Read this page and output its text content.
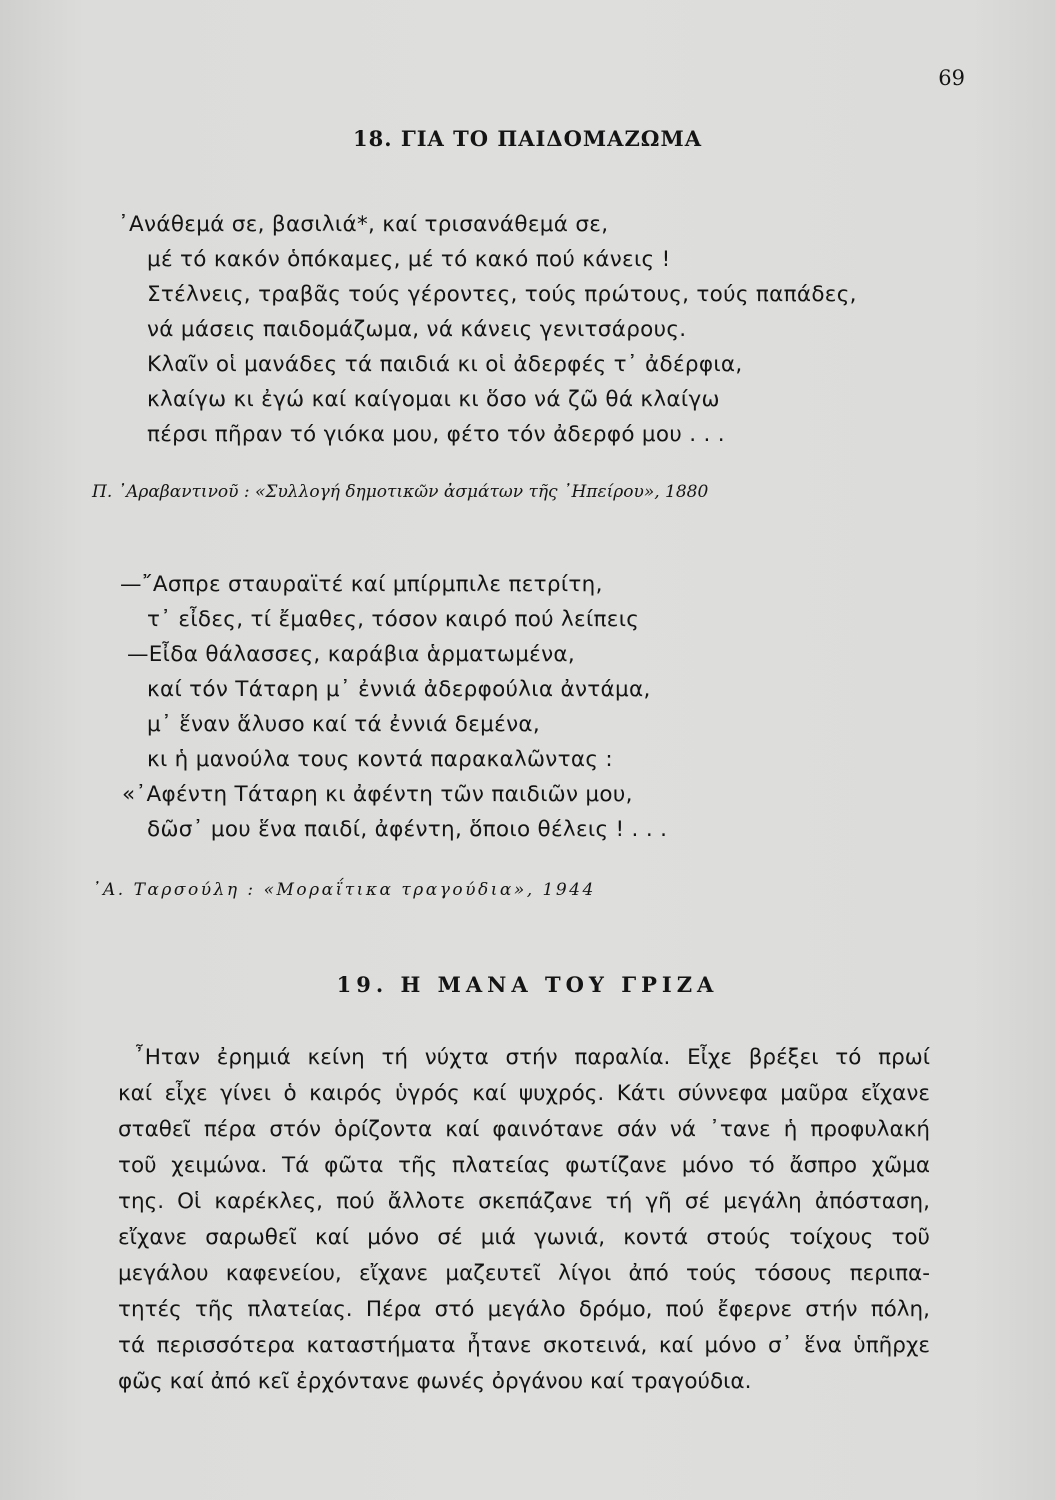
69
18. ΓΙΑ ΤΟ ΠΑΙΔΟΜΑΖΩΜΑ
᾿Ανάθεμά σε, βασιλιά*, καί τρισανάθεμά σε,
μέ τό κακόν ὁπόκαμες, μέ τό κακό πού κάνεις !
Στέλνεις, τραβᾶς τούς γέροντες, τούς πρώτους, τούς παπάδες,
νά μάσεις παιδομάζωμα, νά κάνεις γενιτσάρους.
Κλαῖν οἱ μανάδες τά παιδιά κι οἱ ἀδερφές τ᾿ ἀδέρφια,
κλαίγω κι ἐγώ καί καίγομαι κι ὅσο νά ζῶ θά κλαίγω
πέρσι πῆραν τό γιόκα μου, φέτο τόν ἀδερφό μου . . .
Π. ᾿Αραβαντινοῦ : «Συλλογή δημοτικῶν ἀσμάτων τῆς ᾿Ηπείρου», 1880
—῎Ασπρε σταυραϊτέ καί μπίρμπιλε πετρίτη,
τ᾿ εἶδες, τί ἔμαθες, τόσον καιρό πού λείπεις
—Εἶδα θάλασσες, καράβια ἁρματωμένα,
καί τόν Τάταρη μ᾿ ἐννιά ἀδερφούλια ἀντάμα,
μ᾿ ἕναν ἅλυσο καί τά ἐννιά δεμένα,
κι ἡ μανούλα τους κοντά παρακαλῶντας :
«᾿Αφέντη Τάταρη κι ἀφέντη τῶν παιδιῶν μου,
δῶσ᾿ μου ἕνα παιδί, ἀφέντη, ὅποιο θέλεις ! . . .
᾿Α. Ταρσούλη : «Μοραΐτικα τραγούδια», 1944
19. Η ΜΑΝΑ ΤΟΥ ΓΡΙΖΑ
῏Ηταν ἐρημιά κείνη τή νύχτα στήν παραλία. Εἶχε βρέξει τό πρωί
καί εἶχε γίνει ὁ καιρός ὑγρός καί ψυχρός. Κάτι σύννεφα μαῦρα εἴχανε
σταθεῖ πέρα στόν ὁρίζοντα καί φαινότανε σάν νά ᾿τανε ἡ προφυλακή
τοῦ χειμώνα. Τά φῶτα τῆς πλατείας φωτίζανε μόνο τό ἄσπρο χῶμα
της. Οἱ καρέκλες, πού ἄλλοτε σκεπάζανε τή γῆ σέ μεγάλη ἀπόσταση,
εἴχανε σαρωθεῖ καί μόνο σέ μιά γωνιά, κοντά στούς τοίχους τοῦ
μεγάλου καφενείου, εἴχανε μαζευτεῖ λίγοι ἀπό τούς τόσους περιπα-
τητές τῆς πλατείας. Πέρα στό μεγάλο δρόμο, πού ἔφερνε στήν πόλη,
τά περισσότερα καταστήματα ἦτανε σκοτεινά, καί μόνο σ᾿ ἕνα ὑπῆρχε
φῶς καί ἀπό κεῖ ἐρχόντανε φωνές ὀργάνου καί τραγούδια.
